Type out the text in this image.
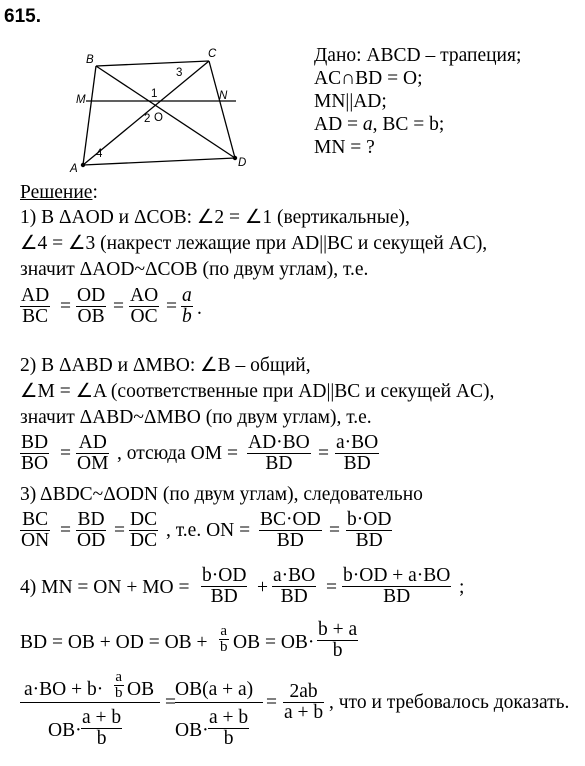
615.
B	C
M	N
A	D
O
1
2
3
4
Дано: ABCD – трапеция;
AC∩BD = O;
MN||AD;
AD = a, BC = b;
MN = ?
Решение:
1) В ΔAOD и ΔCOB: ∠2 = ∠1 (вертикальные),
∠4 = ∠3 (накрест лежащие при AD||BC и секущей AC),
значит ΔAOD~ΔCOB (по двум углам), т.е.
$\frac{AD}{BC} = \frac{OD}{OB} = \frac{AO}{OC} = \frac{a}{b}$ .
2) В ΔABD и ΔMBO: ∠B – общий,
∠M = ∠A (соответственные при AD||BC и секущей AC),
значит ΔABD~ΔMBO (по двум углам), т.е.
$\frac{BD}{BO} = \frac{AD}{OM}$ , отсюда OM = $\frac{AD\cdot BO}{BD} = \frac{a\cdot BO}{BD}$
3) ΔBDC~ΔODN (по двум углам), следовательно
$\frac{BC}{ON} = \frac{BD}{OD} = \frac{DC}{DC}$ , т.е. ON = $\frac{BC\cdot OD}{BD} = \frac{b\cdot OD}{BD}$
4) MN = ON + MO = $\frac{b\cdot OD}{BD} + \frac{a\cdot BO}{BD} = \frac{b\cdot OD + a\cdot BO}{BD}$ ;
BD = OB + OD = OB + $\frac{a}{b}$ OB = $OB\cdot \frac{b + a}{b}$
$a\cdot BO + b\cdot \frac{a}{b}$ OB
$OB\cdot \frac{a + b}{b}$
=
OB(a + a)
$OB\cdot \frac{a + b}{b}$
= $\frac{2ab}{a + b}$ , что и требовалось доказать.
